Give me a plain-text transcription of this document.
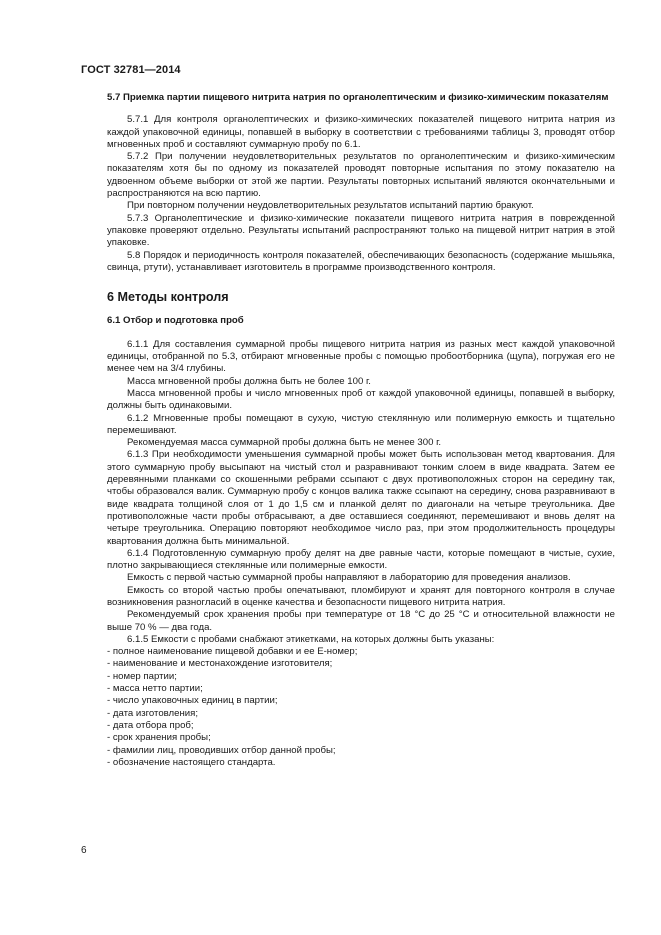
ГОСТ 32781—2014

5.7 Приемка партии пищевого нитрита натрия по органолептическим и физико-химическим показателям

5.7.1 Для контроля органолептических и физико-химических показателей пищевого нитрита натрия из каждой упаковочной единицы, попавшей в выборку в соответствии с требованиями таблицы 3, проводят отбор мгновенных проб и составляют суммарную пробу по 6.1.

5.7.2 При получении неудовлетворительных результатов по органолептическим и физико-химическим показателям хотя бы по одному из показателей проводят повторные испытания по этому показателю на удвоенном объеме выборки от этой же партии. Результаты повторных испытаний являются окончательными и распространяются на всю партию.

При повторном получении неудовлетворительных результатов испытаний партию бракуют.

5.7.3 Органолептические и физико-химические показатели пищевого нитрита натрия в поврежденной упаковке проверяют отдельно. Результаты испытаний распространяют только на пищевой нитрит натрия в этой упаковке.

5.8 Порядок и периодичность контроля показателей, обеспечивающих безопасность (содержание мышьяка, свинца, ртути), устанавливает изготовитель в программе производственного контроля.

6 Методы контроля

6.1 Отбор и подготовка проб

6.1.1 Для составления суммарной пробы пищевого нитрита натрия из разных мест каждой упаковочной единицы, отобранной по 5.3, отбирают мгновенные пробы с помощью пробоотборника (щупа), погружая его не менее чем на 3/4 глубины.

Масса мгновенной пробы должна быть не более 100 г.

Масса мгновенной пробы и число мгновенных проб от каждой упаковочной единицы, попавшей в выборку, должны быть одинаковыми.

6.1.2 Мгновенные пробы помещают в сухую, чистую стеклянную или полимерную емкость и тщательно перемешивают.

Рекомендуемая масса суммарной пробы должна быть не менее 300 г.

6.1.3 При необходимости уменьшения суммарной пробы может быть использован метод квартования. Для этого суммарную пробу высыпают на чистый стол и разравнивают тонким слоем в виде квадрата. Затем ее деревянными планками со скошенными ребрами ссыпают с двух противоположных сторон на середину так, чтобы образовался валик. Суммарную пробу с концов валика также ссыпают на середину, снова разравнивают в виде квадрата толщиной слоя от 1 до 1,5 см и планкой делят по диагонали на четыре треугольника. Две противоположные части пробы отбрасывают, а две оставшиеся соединяют, перемешивают и вновь делят на четыре треугольника. Операцию повторяют необходимое число раз, при этом продолжительность процедуры квартования должна быть минимальной.

6.1.4 Подготовленную суммарную пробу делят на две равные части, которые помещают в чистые, сухие, плотно закрывающиеся стеклянные или полимерные емкости.

Емкость с первой частью суммарной пробы направляют в лабораторию для проведения анализов.

Емкость со второй частью пробы опечатывают, пломбируют и хранят для повторного контроля в случае возникновения разногласий в оценке качества и безопасности пищевого нитрита натрия.

Рекомендуемый срок хранения пробы при температуре от 18 °С до 25 °С и относительной влажности не выше 70 % — два года.

6.1.5 Емкости с пробами снабжают этикетками, на которых должны быть указаны:

- полное наименование пищевой добавки и ее Е-номер;

- наименование и местонахождение изготовителя;

- номер партии;

- масса нетто партии;

- число упаковочных единиц в партии;

- дата изготовления;

- дата отбора проб;

- срок хранения пробы;

- фамилии лиц, проводивших отбор данной пробы;

- обозначение настоящего стандарта.

6
